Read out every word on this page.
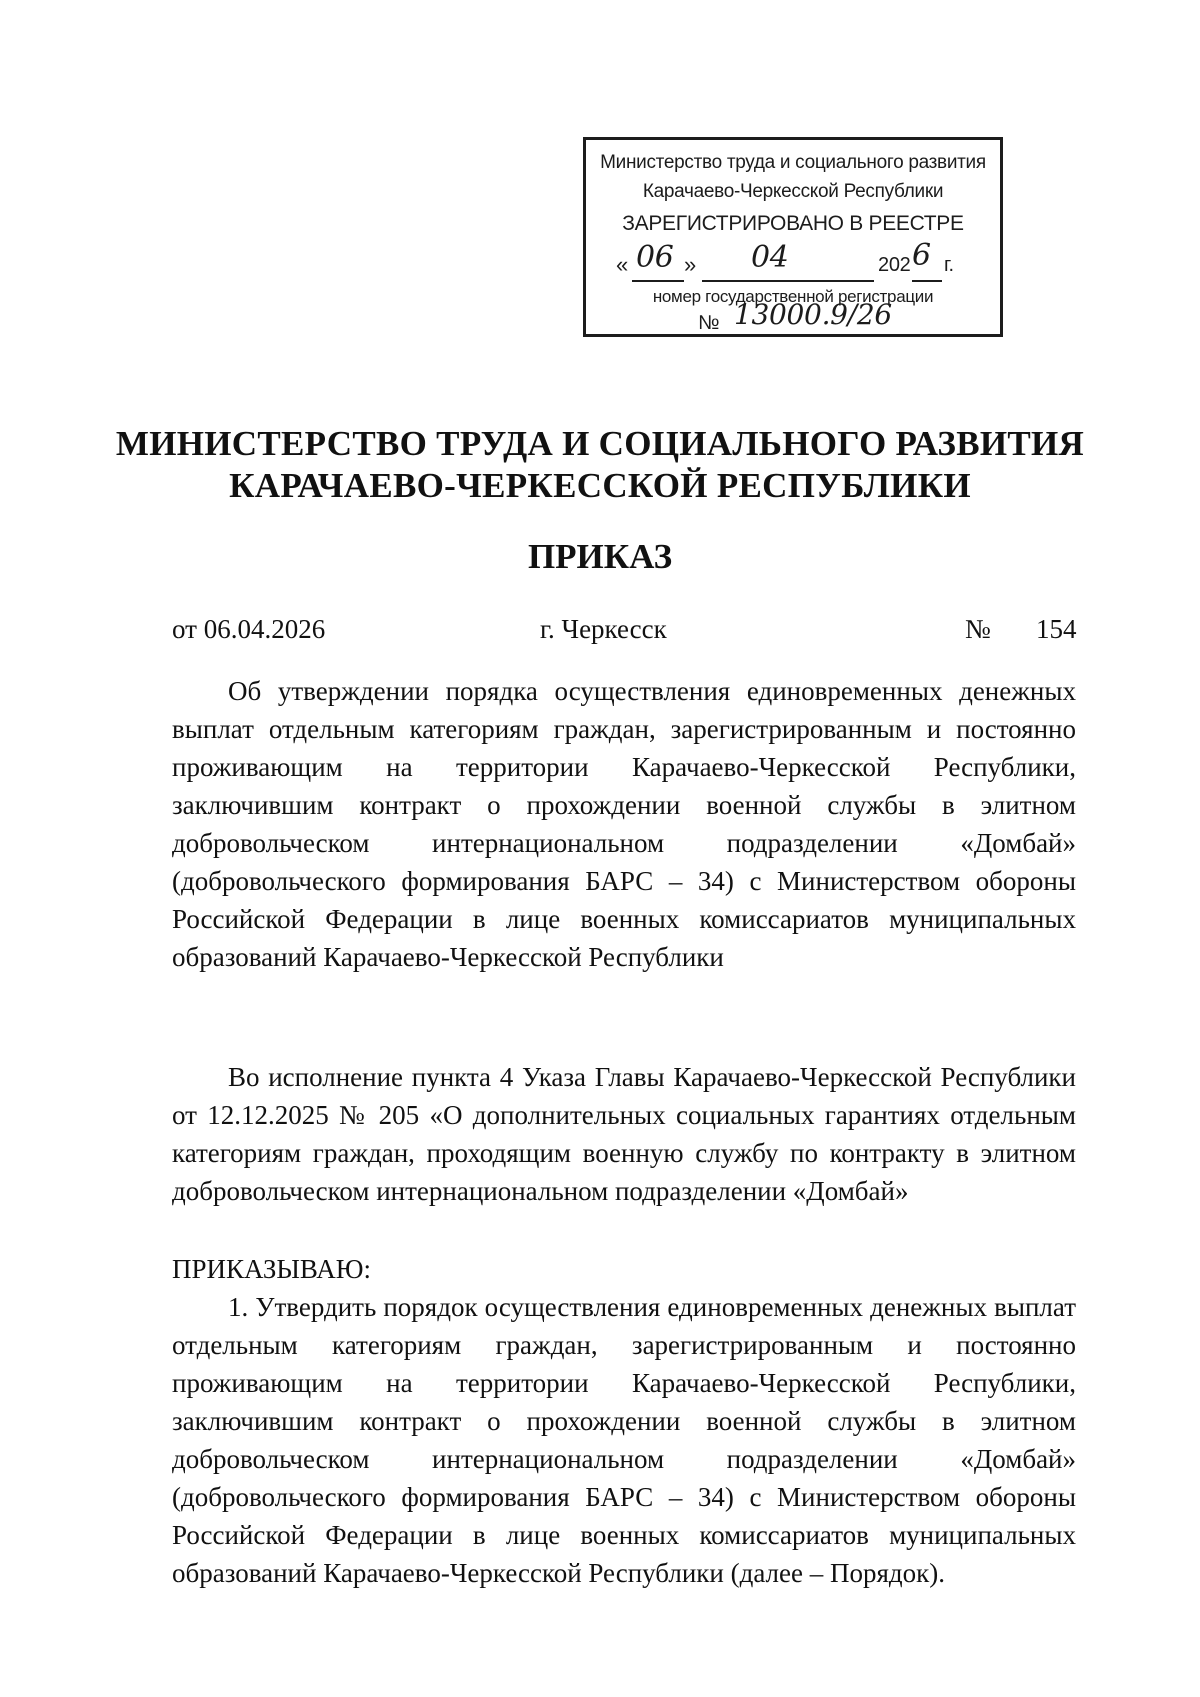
Министерство труда и социального развития
Карачаево-Черкесской Республики
ЗАРЕГИСТРИРОВАНО В РЕЕСТРЕ
« 06 » 04	202 6 г.
номер государственной регистрации
№ 13000.9/26
МИНИСТЕРСТВО ТРУДА И СОЦИАЛЬНОГО РАЗВИТИЯ
КАРАЧАЕВО-ЧЕРКЕССКОЙ РЕСПУБЛИКИ
ПРИКАЗ
от 06.04.2026	г. Черкесск	№ 154
Об утверждении порядка осуществления единовременных денежных выплат отдельным категориям граждан, зарегистрированным и постоянно проживающим на территории Карачаево-Черкесской Республики, заключившим контракт о прохождении военной службы в элитном добровольческом интернациональном подразделении «Домбай» (добровольческого формирования БАРС – 34) с Министерством обороны Российской Федерации в лице военных комиссариатов муниципальных образований Карачаево-Черкесской Республики
Во исполнение пункта 4 Указа Главы Карачаево-Черкесской Республики от 12.12.2025 № 205 «О дополнительных социальных гарантиях отдельным категориям граждан, проходящим военную службу по контракту в элитном добровольческом интернациональном подразделении «Домбай»
ПРИКАЗЫВАЮ:
1. Утвердить порядок осуществления единовременных денежных выплат отдельным категориям граждан, зарегистрированным и постоянно проживающим на территории Карачаево-Черкесской Республики, заключившим контракт о прохождении военной службы в элитном добровольческом интернациональном подразделении «Домбай» (добровольческого формирования БАРС – 34) с Министерством обороны Российской Федерации в лице военных комиссариатов муниципальных образований Карачаево-Черкесской Республики (далее – Порядок).
